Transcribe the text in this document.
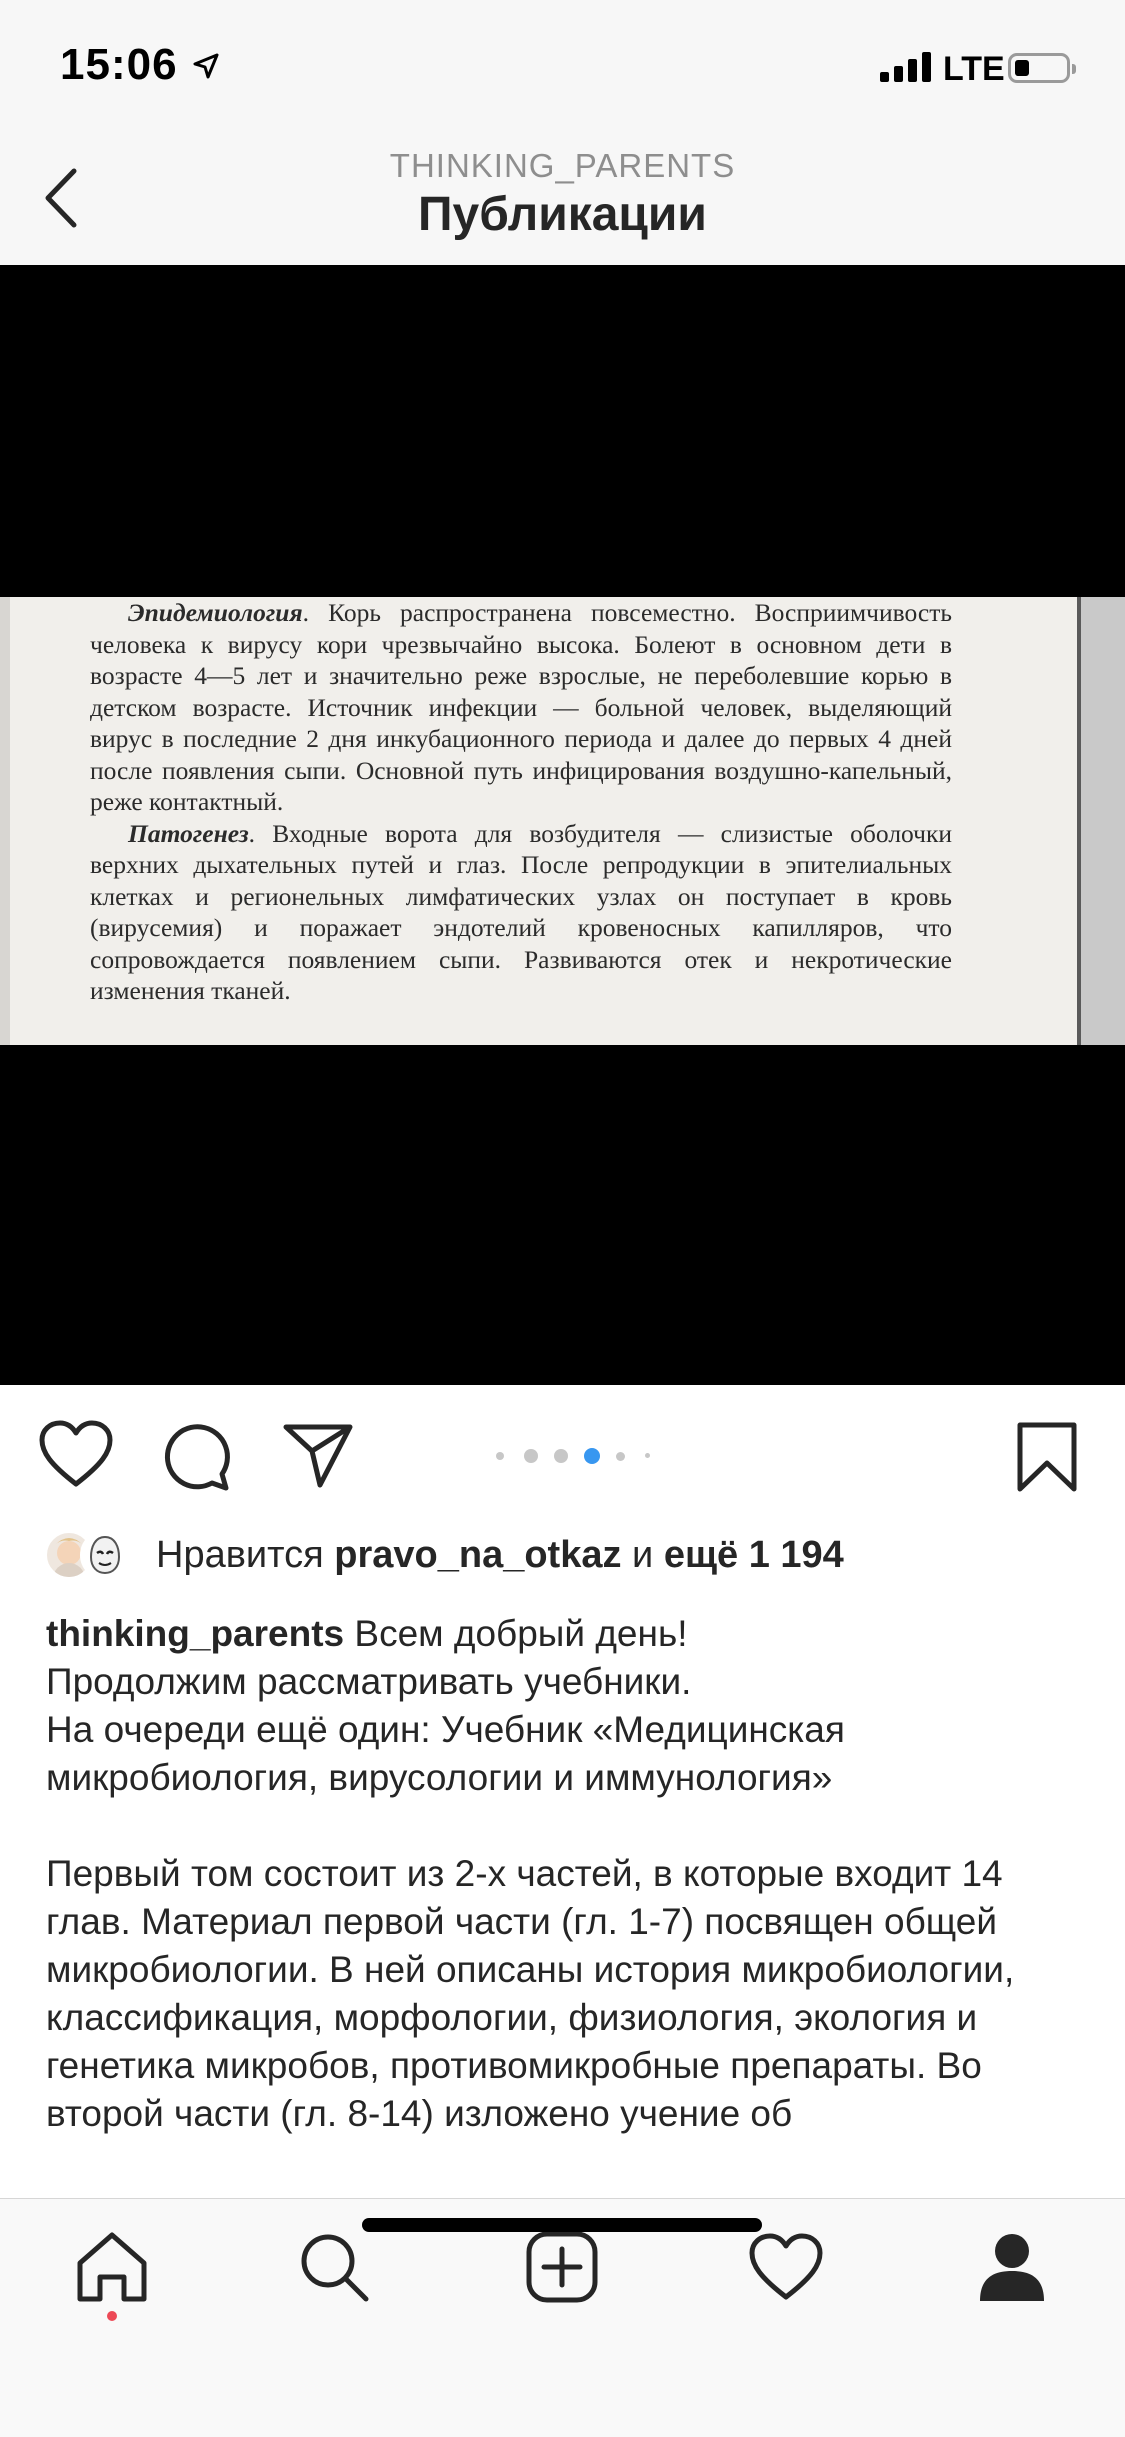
15:06	LTE
THINKING_PARENTS
Публикации

Эпидемиология. Корь распространена повсеместно. Восприимчивость человека к вирусу кори чрезвычайно высока. Болеют в основном дети в возрасте 4—5 лет и значительно реже взрослые, не переболевшие корью в детском возрасте. Источник инфекции — больной человек, выделяющий вирус в последние 2 дня инкубационного периода и далее до первых 4 дней после появления сыпи. Основной путь инфицирования воздушно-капельный, реже контактный.

Патогенез. Входные ворота для возбудителя — слизистые оболочки верхних дыхательных путей и глаз. После репродукции в эпителиальных клетках и регионельных лимфатических узлах он поступает в кровь (вирусемия) и поражает эндотелий кровеносных капилляров, что сопровождается появлением сыпи. Развиваются отек и некротические изменения тканей.

Нравится pravo_na_otkaz и ещё 1 194

thinking_parents Всем добрый день!

Продолжим рассматривать учебники.

На очереди ещё один: Учебник «Медицинская микробиология, вирусологии и иммунология»

Первый том состоит из 2-х частей, в которые входит 14 глав. Материал первой части (гл. 1-7) посвящен общей микробиологии. В ней описаны история микробиологии, классификация, морфологии, физиология, экология и генетика микробов, противомикробные препараты. Во второй части (гл. 8-14) изложено учение об
